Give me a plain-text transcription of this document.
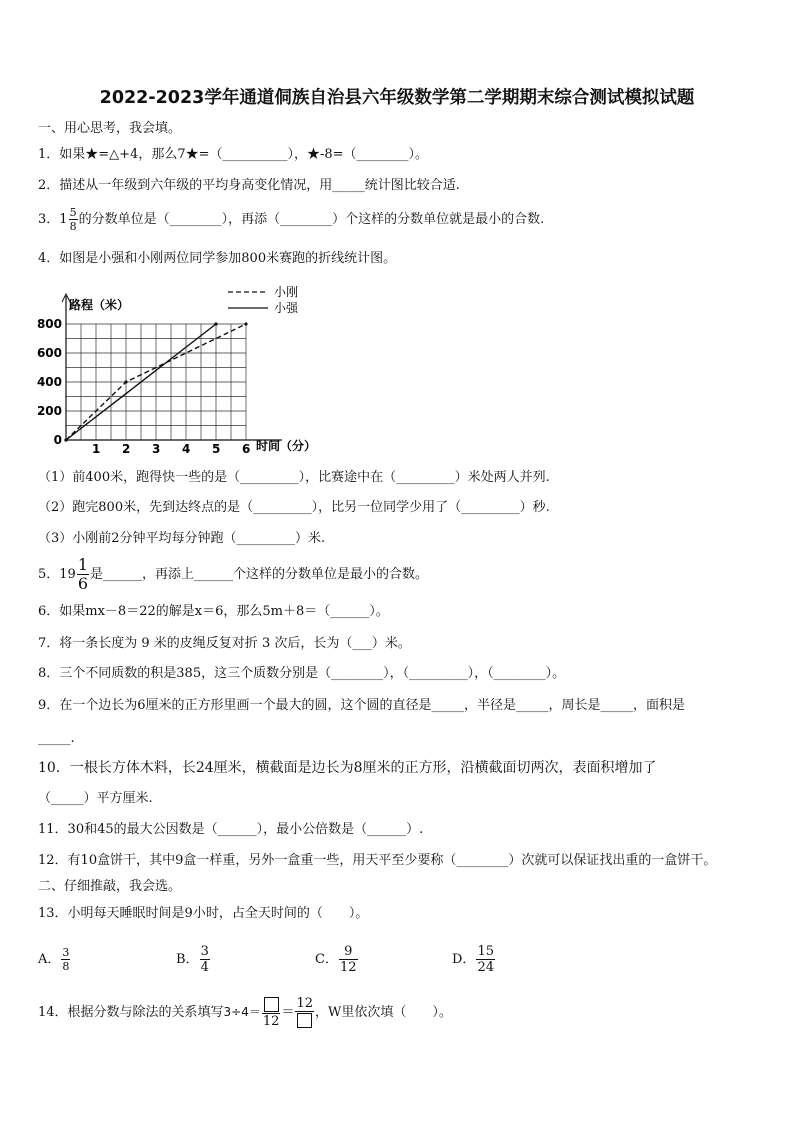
2022-2023学年通道侗族自治县六年级数学第二学期期末综合测试模拟试题
一、用心思考，我会填。
1．如果★=△+4，那么7★=（__________），★-8=（________）。
2．描述从一年级到六年级的平均身高变化情况，用_____统计图比较合适.
3．$1 \frac{5}{8}$ 的分数单位是（________），再添（________）个这样的分数单位就是最小的合数.
4．如图是小强和小刚两位同学参加800米赛跑的折线统计图。
路程（米）
1 2 3 4 5 6
0
200
400
600
800
小刚
小强
时间（分）
（1）前400米，跑得快一些的是（_________），比赛途中在（_________）米处两人并列.
（2）跑完800米，先到达终点的是（_________），比另一位同学少用了（_________）秒.
（3）小刚前2分钟平均每分钟跑（_________）米.
5．$19 \frac{1}{6}$ 是______，再添上______个这样的分数单位是最小的合数。
6．如果mx－8＝22的解是x＝6，那么5m＋8＝（______）。
7．将一条长度为 9 米的皮绳反复对折 3 次后，长为（___）米。
8．三个不同质数的积是385，这三个质数分别是（________），（_________），（________）。
9．在一个边长为6厘米的正方形里画一个最大的圆，这个圆的直径是_____，半径是_____，周长是_____，面积是
_____.
10．一根长方体木料，长24厘米，横截面是边长为8厘米的正方形，沿横截面切两次，表面积增加了
（_____）平方厘米.
11．30和45的最大公因数是（______），最小公倍数是（______）.
12．有10盒饼干，其中9盒一样重，另外一盒重一些，用天平至少要称（________）次就可以保证找出重的一盒饼干。
二、仔细推敲，我会选。
13．小明每天睡眠时间是9小时，占全天时间的（　　）。
A． $\frac{3}{8}$	B． $\frac{3}{4}$	C． $\frac{9}{12}$	D． $\frac{15}{24}$
14．根据分数与除法的关系填写3÷4＝
12
＝
12
，W里依次填（　　）。
